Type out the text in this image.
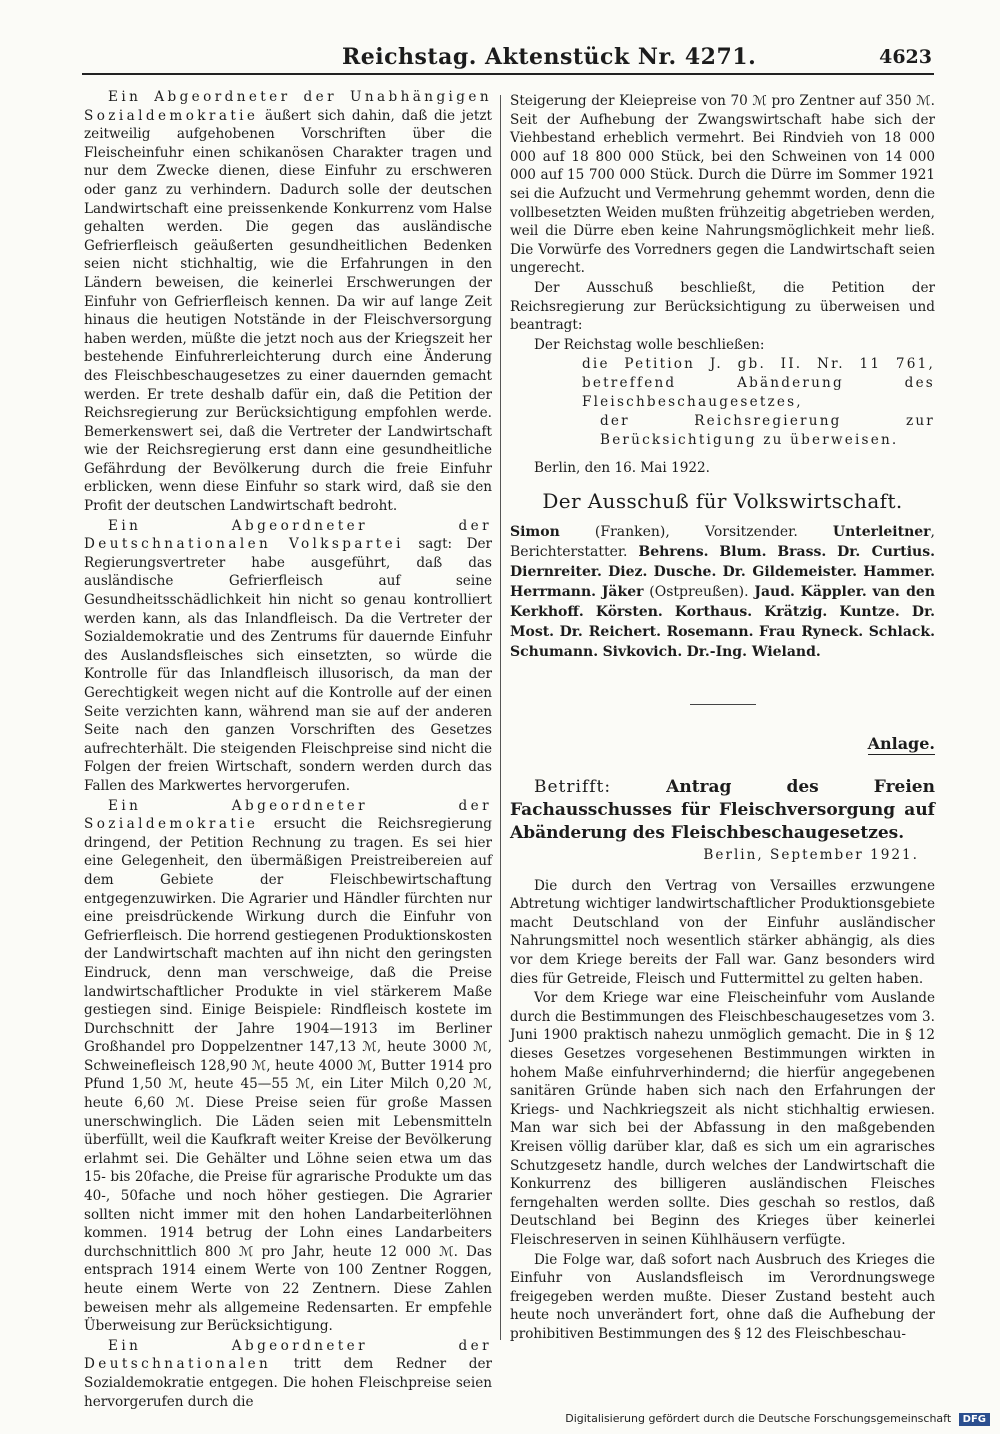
Reichstag. Aktenstück Nr. 4271.	4623

Ein Abgeordneter der Unabhängigen Sozialdemokratie äußert sich dahin, daß die jetzt zeitweilig aufgehobenen Vorschriften über die Fleischeinfuhr einen schikanösen Charakter tragen und nur dem Zwecke dienen, diese Einfuhr zu erschweren oder ganz zu verhindern. Dadurch solle der deutschen Landwirtschaft eine preissenkende Konkurrenz vom Halse gehalten werden. Die gegen das ausländische Gefrierfleisch geäußerten gesundheitlichen Bedenken seien nicht stichhaltig, wie die Erfahrungen in den Ländern beweisen, die keinerlei Erschwerungen der Einfuhr von Gefrierfleisch kennen. Da wir auf lange Zeit hinaus die heutigen Notstände in der Fleischversorgung haben werden, müßte die jetzt noch aus der Kriegszeit her bestehende Einfuhrerleichterung durch eine Änderung des Fleischbeschaugesetzes zu einer dauernden gemacht werden. Er trete deshalb dafür ein, daß die Petition der Reichsregierung zur Berücksichtigung empfohlen werde. Bemerkenswert sei, daß die Vertreter der Landwirtschaft wie der Reichsregierung erst dann eine gesundheitliche Gefährdung der Bevölkerung durch die freie Einfuhr erblicken, wenn diese Einfuhr so stark wird, daß sie den Profit der deutschen Landwirtschaft bedroht.

Ein Abgeordneter der Deutschnationalen Volkspartei sagt: Der Regierungsvertreter habe ausgeführt, daß das ausländische Gefrierfleisch auf seine Gesundheitsschädlichkeit hin nicht so genau kontrolliert werden kann, als das Inlandfleisch. Da die Vertreter der Sozialdemokratie und des Zentrums für dauernde Einfuhr des Auslandsfleisches sich einsetzten, so würde die Kontrolle für das Inlandfleisch illusorisch, da man der Gerechtigkeit wegen nicht auf die Kontrolle auf der einen Seite verzichten kann, während man sie auf der anderen Seite nach den ganzen Vorschriften des Gesetzes aufrechterhält. Die steigenden Fleischpreise sind nicht die Folgen der freien Wirtschaft, sondern werden durch das Fallen des Markwertes hervorgerufen.

Ein Abgeordneter der Sozialdemokratie ersucht die Reichsregierung dringend, der Petition Rechnung zu tragen. Es sei hier eine Gelegenheit, den übermäßigen Preistreibereien auf dem Gebiete der Fleischbewirtschaftung entgegenzuwirken. Die Agrarier und Händler fürchten nur eine preisdrückende Wirkung durch die Einfuhr von Gefrierfleisch. Die horrend gestiegenen Produktionskosten der Landwirtschaft machten auf ihn nicht den geringsten Eindruck, denn man verschweige, daß die Preise landwirtschaftlicher Produkte in viel stärkerem Maße gestiegen sind. Einige Beispiele: Rindfleisch kostete im Durchschnitt der Jahre 1904—1913 im Berliner Großhandel pro Doppelzentner 147,13 ℳ, heute 3000 ℳ, Schweinefleisch 128,90 ℳ, heute 4000 ℳ, Butter 1914 pro Pfund 1,50 ℳ, heute 45—55 ℳ, ein Liter Milch 0,20 ℳ, heute 6,60 ℳ. Diese Preise seien für große Massen unerschwinglich. Die Läden seien mit Lebensmitteln überfüllt, weil die Kaufkraft weiter Kreise der Bevölkerung erlahmt sei. Die Gehälter und Löhne seien etwa um das 15- bis 20fache, die Preise für agrarische Produkte um das 40-, 50fache und noch höher gestiegen. Die Agrarier sollten nicht immer mit den hohen Landarbeiterlöhnen kommen. 1914 betrug der Lohn eines Landarbeiters durchschnittlich 800 ℳ pro Jahr, heute 12 000 ℳ. Das entsprach 1914 einem Werte von 100 Zentner Roggen, heute einem Werte von 22 Zentnern. Diese Zahlen beweisen mehr als allgemeine Redensarten. Er empfehle Überweisung zur Berücksichtigung.

Ein Abgeordneter der Deutschnationalen tritt dem Redner der Sozialdemokratie entgegen. Die hohen Fleischpreise seien hervorgerufen durch die

Steigerung der Kleiepreise von 70 ℳ pro Zentner auf 350 ℳ. Seit der Aufhebung der Zwangswirtschaft habe sich der Viehbestand erheblich vermehrt. Bei Rindvieh von 18 000 000 auf 18 800 000 Stück, bei den Schweinen von 14 000 000 auf 15 700 000 Stück. Durch die Dürre im Sommer 1921 sei die Aufzucht und Vermehrung gehemmt worden, denn die vollbesetzten Weiden mußten frühzeitig abgetrieben werden, weil die Dürre eben keine Nahrungsmöglichkeit mehr ließ. Die Vorwürfe des Vorredners gegen die Landwirtschaft seien ungerecht.

Der Ausschuß beschließt, die Petition der Reichsregierung zur Berücksichtigung zu überweisen und beantragt:

Der Reichstag wolle beschließen:

die Petition J. gb. II. Nr. 11 761, betreffend Abänderung des Fleischbeschaugesetzes,

der Reichsregierung zur Berücksichtigung zu überweisen.

Berlin, den 16. Mai 1922.

Der Ausschuß für Volkswirtschaft.
Simon (Franken), Vorsitzender. Unterleitner, Berichterstatter. Behrens. Blum. Brass. Dr. Curtius. Diernreiter. Diez. Dusche. Dr. Gildemeister. Hammer. Herrmann. Jäker (Ostpreußen). Jaud. Käppler. van den Kerkhoff. Körsten. Korthaus. Krätzig. Kuntze. Dr. Most. Dr. Reichert. Rosemann. Frau Ryneck. Schlack. Schumann. Sivkovich. Dr.-Ing. Wieland.
Anlage.

Betrifft:	Antrag des Freien Fachausschusses für Fleischversorgung auf Abänderung des Fleischbeschaugesetzes.

Berlin, September 1921.

Die durch den Vertrag von Versailles erzwungene Abtretung wichtiger landwirtschaftlicher Produktionsgebiete macht Deutschland von der Einfuhr ausländischer Nahrungsmittel noch wesentlich stärker abhängig, als dies vor dem Kriege bereits der Fall war. Ganz besonders wird dies für Getreide, Fleisch und Futtermittel zu gelten haben.

Vor dem Kriege war eine Fleischeinfuhr vom Auslande durch die Bestimmungen des Fleischbeschaugesetzes vom 3. Juni 1900 praktisch nahezu unmöglich gemacht. Die in § 12 dieses Gesetzes vorgesehenen Bestimmungen wirkten in hohem Maße einfuhrverhindernd; die hierfür angegebenen sanitären Gründe haben sich nach den Erfahrungen der Kriegs- und Nachkriegszeit als nicht stichhaltig erwiesen. Man war sich bei der Abfassung in den maßgebenden Kreisen völlig darüber klar, daß es sich um ein agrarisches Schutzgesetz handle, durch welches der Landwirtschaft die Konkurrenz des billigeren ausländischen Fleisches ferngehalten werden sollte. Dies geschah so restlos, daß Deutschland bei Beginn des Krieges über keinerlei Fleischreserven in seinen Kühlhäusern verfügte.

Die Folge war, daß sofort nach Ausbruch des Krieges die Einfuhr von Auslandsfleisch im Verordnungswege freigegeben werden mußte. Dieser Zustand besteht auch heute noch unverändert fort, ohne daß die Aufhebung der prohibitiven Bestimmungen des § 12 des Fleischbeschau-

Digitalisierung gefördert durch die Deutsche Forschungsgemeinschaft DFG
